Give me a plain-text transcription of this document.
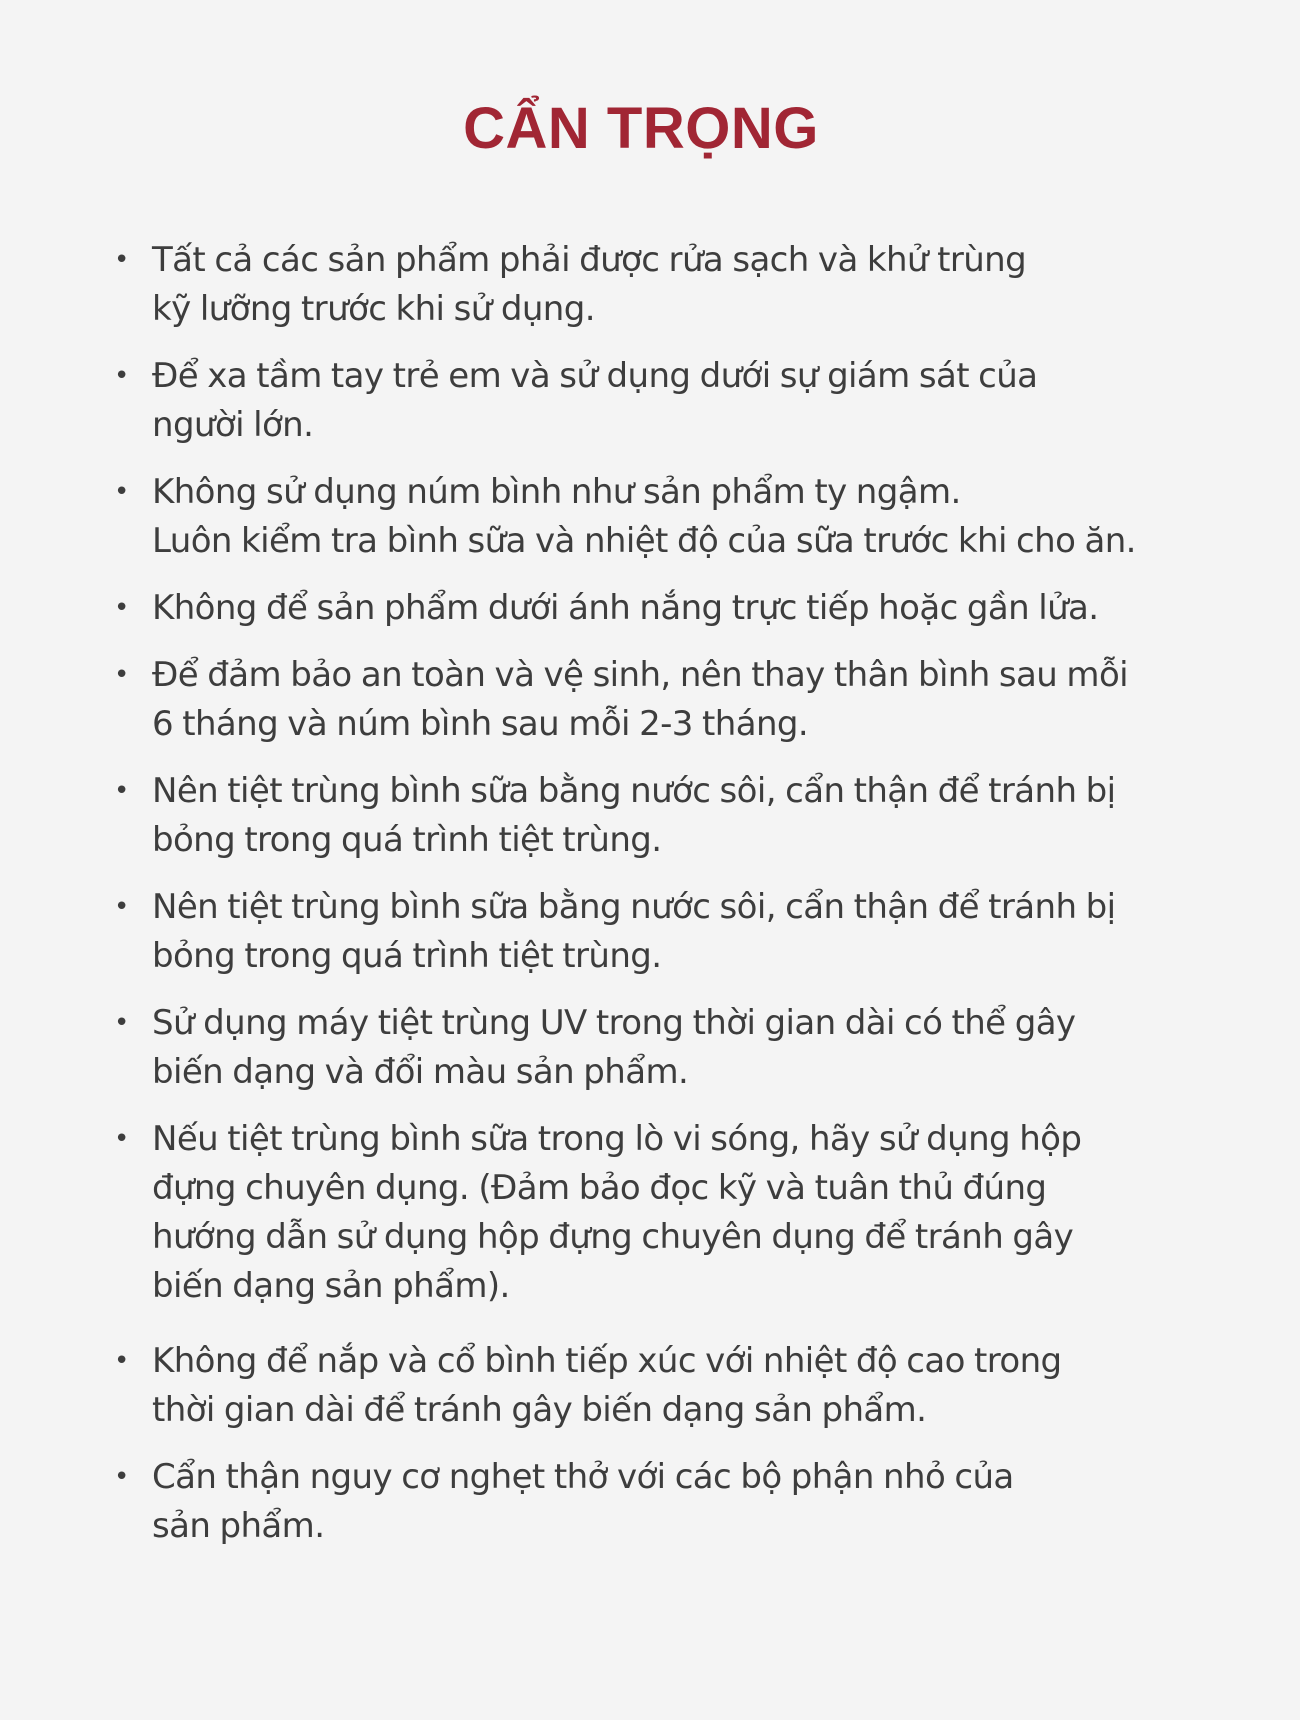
CẨN TRỌNG
• Tất cả các sản phẩm phải được rửa sạch và khử trùng
kỹ lưỡng trước khi sử dụng.
• Để xa tầm tay trẻ em và sử dụng dưới sự giám sát của
người lớn.
• Không sử dụng núm bình như sản phẩm ty ngậm.
Luôn kiểm tra bình sữa và nhiệt độ của sữa trước khi cho ăn.
• Không để sản phẩm dưới ánh nắng trực tiếp hoặc gần lửa.
• Để đảm bảo an toàn và vệ sinh, nên thay thân bình sau mỗi
6 tháng và núm bình sau mỗi 2-3 tháng.
• Nên tiệt trùng bình sữa bằng nước sôi, cẩn thận để tránh bị
bỏng trong quá trình tiệt trùng.
• Nên tiệt trùng bình sữa bằng nước sôi, cẩn thận để tránh bị
bỏng trong quá trình tiệt trùng.
• Sử dụng máy tiệt trùng UV trong thời gian dài có thể gây
biến dạng và đổi màu sản phẩm.
• Nếu tiệt trùng bình sữa trong lò vi sóng, hãy sử dụng hộp
đựng chuyên dụng. (Đảm bảo đọc kỹ và tuân thủ đúng
hướng dẫn sử dụng hộp đựng chuyên dụng để tránh gây
biến dạng sản phẩm).
• Không để nắp và cổ bình tiếp xúc với nhiệt độ cao trong
thời gian dài để tránh gây biến dạng sản phẩm.
• Cẩn thận nguy cơ nghẹt thở với các bộ phận nhỏ của
sản phẩm.
